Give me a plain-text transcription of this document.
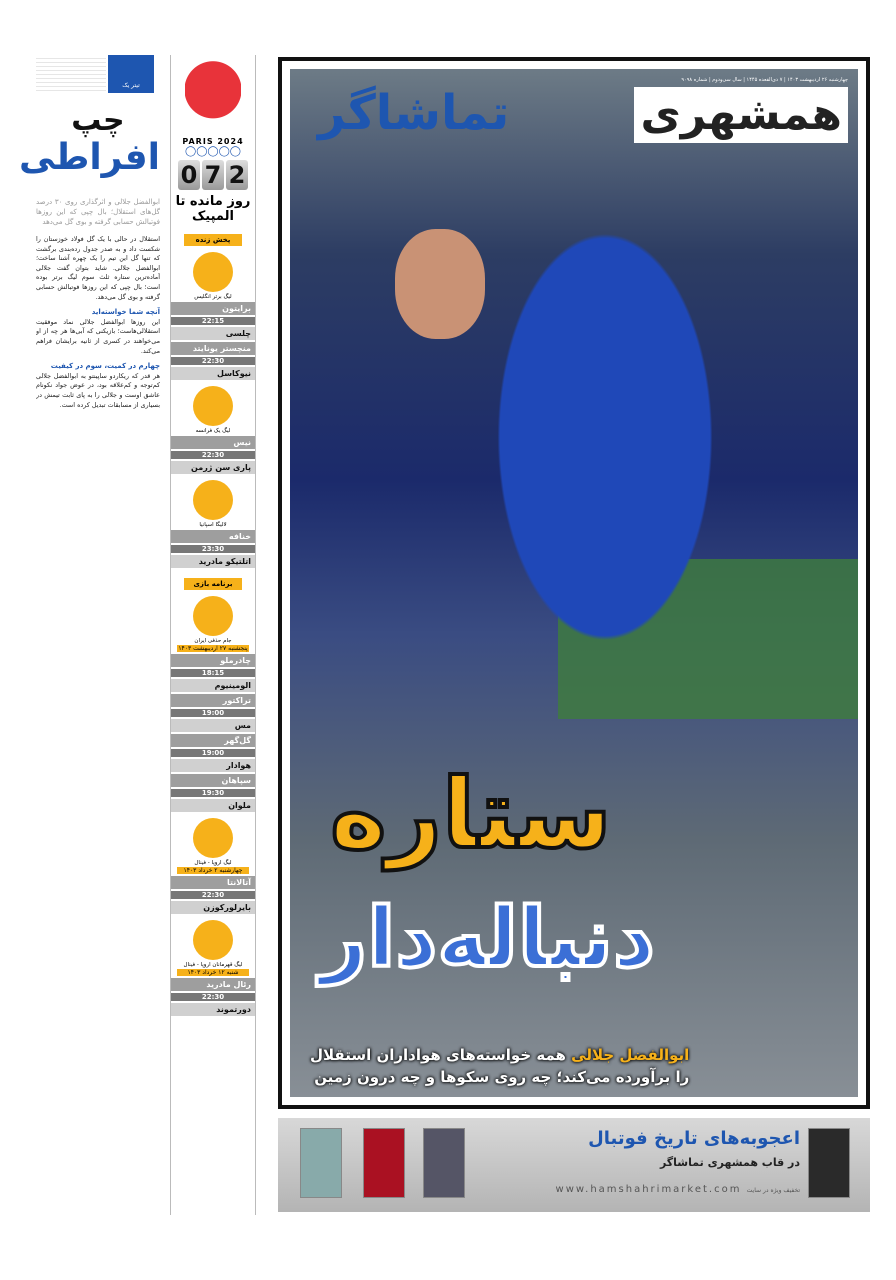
تیتر یک
چپ
افراطی
ابوالفضل جلالی و اثرگذاری روی ۳۰ درصد گل‌های استقلال؛ بال چپی که این روزها فوتبالش حسابی گرفته و بوی گل می‌دهد

استقلال در حالی با یک گل فولاد خوزستان را شکست داد و به صدر جدول رده‌بندی برگشت که تنها گل این تیم را یک چهره آشنا ساخت؛ ابوالفضل جلالی. شاید بتوان گفت جلالی آماده‌ترین ستاره ثلث سوم لیگ برتر بوده است؛ بال چپی که این روزها فوتبالش حسابی گرفته و بوی گل می‌دهد.

آنچه شما خواسته‌اید

این روزها ابوالفضل جلالی نماد موفقیت استقلالی‌هاست؛ بازیکنی که آبی‌ها هر چه از او می‌خواهند در کسری از ثانیه برایشان فراهم می‌کند.

چهارم در کمیت، سوم در کیفیت

هر قدر که ریکاردو ساپینتو به ابوالفضل جلالی کم‌توجه و کم‌علاقه بود، در عوض جواد نکونام عاشق اوست و جلالی را به پای ثابت تیمش در بسیاری از مسابقات تبدیل کرده است.

PARIS 2024
◯◯◯◯◯
0 7 2
روز مانده تا المپیک
پخش زنده
لیگ برتر انگلیس
برایتون
22:15
چلسی
منچستر یونایتد
22:30
نیوکاسل
لیگ یک فرانسه
نیس
22:30
پاری سن ژرمن
لالیگا اسپانیا
خنافه
23:30
اتلتیکو مادرید
برنامه بازی
جام حذفی ایران
پنجشنبه ۲۷ اردیبهشت ۱۴۰۳
چادرملو
18:15
الومینیوم
تراکتور
19:00
مس
گل‌گهر
19:00
هوادار
سپاهان
19:30
ملوان
لیگ اروپا - فینال
چهارشنبه ۲ خرداد ۱۴۰۳
آتالانتا
22:30
بایرلورکوزن
لیگ قهرمانان اروپا - فینال
شنبه ۱۲ خرداد ۱۴۰۳
رئال مادرید
22:30
دورتموند
چهارشنبه ۲۶ اردیبهشت ۱۴۰۳ | ۷ ذی‌القعده ۱۴۴۵ | سال سی‌ودوم | شماره ۹۰۹۸
همشهری
تماشاگر
ستاره
دنباله‌دار
ابوالفضل جلالی همه خواسته‌های هواداران استقلال
را برآورده می‌کند؛ چه روی سکوها و چه درون زمین
اعجوبه‌های تاریخ فوتبال
در قاب همشهری تماشاگر
www.hamshahrimarket.com تخفیف ویژه در سایت
